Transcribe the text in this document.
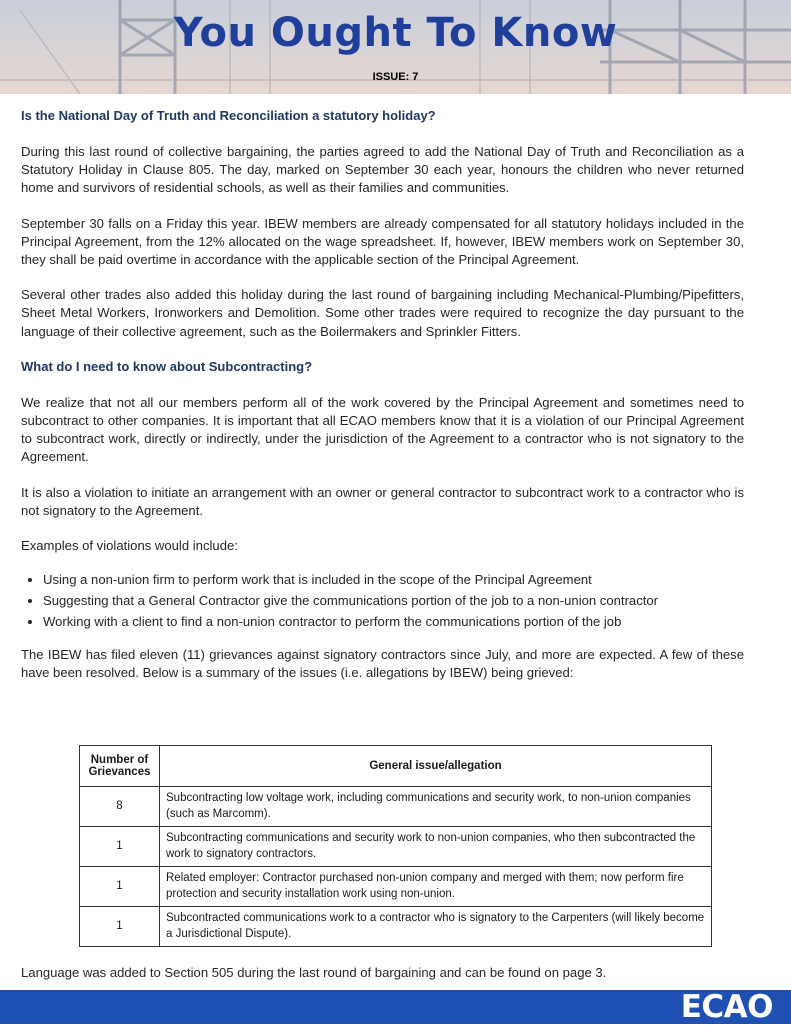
You Ought To Know
ISSUE: 7
Is the National Day of Truth and Reconciliation a statutory holiday?

During this last round of collective bargaining, the parties agreed to add the National Day of Truth and Reconciliation as a Statutory Holiday in Clause 805. The day, marked on September 30 each year, honours the children who never returned home and survivors of residential schools, as well as their families and communities.

September 30 falls on a Friday this year. IBEW members are already compensated for all statutory holidays included in the Principal Agreement, from the 12% allocated on the wage spreadsheet. If, however, IBEW members work on September 30, they shall be paid overtime in accordance with the applicable section of the Principal Agreement.

Several other trades also added this holiday during the last round of bargaining including Mechanical-Plumbing/Pipefitters, Sheet Metal Workers, Ironworkers and Demolition. Some other trades were required to recognize the day pursuant to the language of their collective agreement, such as the Boilermakers and Sprinkler Fitters.

What do I need to know about Subcontracting?

We realize that not all our members perform all of the work covered by the Principal Agreement and sometimes need to subcontract to other companies. It is important that all ECAO members know that it is a violation of our Principal Agreement to subcontract work, directly or indirectly, under the jurisdiction of the Agreement to a contractor who is not signatory to the Agreement.

It is also a violation to initiate an arrangement with an owner or general contractor to subcontract work to a contractor who is not signatory to the Agreement.

Examples of violations would include:

• Using a non-union firm to perform work that is included in the scope of the Principal Agreement
• Suggesting that a General Contractor give the communications portion of the job to a non-union contractor
• Working with a client to find a non-union contractor to perform the communications portion of the job

The IBEW has filed eleven (11) grievances against signatory contractors since July, and more are expected. A few of these have been resolved. Below is a summary of the issues (i.e. allegations by IBEW) being grieved:

Number of Grievances	General issue/allegation
8	Subcontracting low voltage work, including communications and security work, to non-union companies (such as Marcomm).
1	Subcontracting communications and security work to non-union companies, who then subcontracted the work to signatory contractors.
1	Related employer: Contractor purchased non-union company and merged with them; now perform fire protection and security installation work using non-union.
1	Subcontracted communications work to a contractor who is signatory to the Carpenters (will likely become a Jurisdictional Dispute).
Language was added to Section 505 during the last round of bargaining and can be found on page 3.
ECAO
